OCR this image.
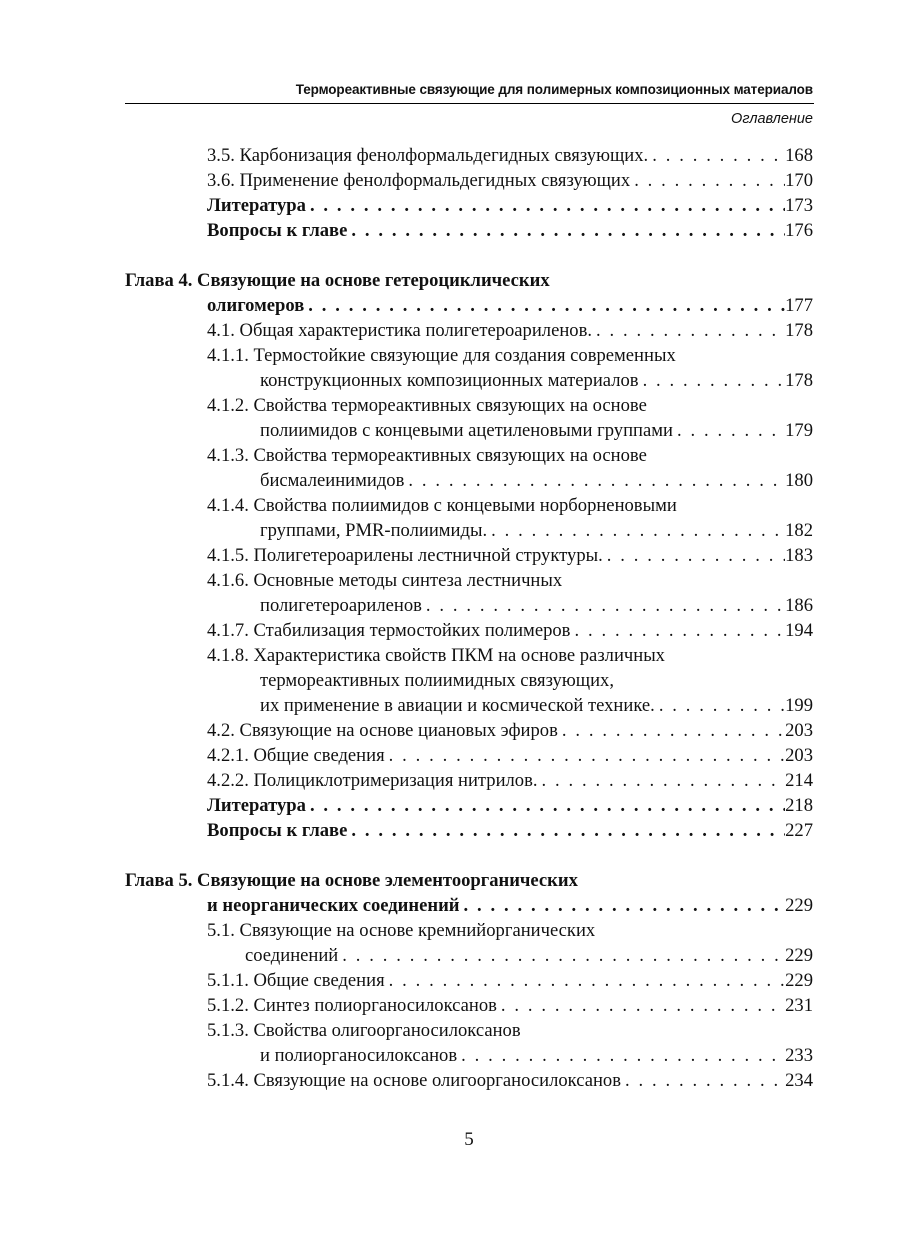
Термореактивные связующие для полимерных композиционных материалов
Оглавление
3.5. Карбонизация фенолформальдегидных связующих. . . .	168
3.6. Применение фенолформальдегидных связующих . . .	170
Литература . . .	173
Вопросы к главе . . .	176
Глава 4. Связующие на основе гетероциклических
олигомеров . . .	177
4.1. Общая характеристика полигетероариленов. . . .	178
4.1.1. Термостойкие связующие для создания современных
конструкционных композиционных материалов . . .	178
4.1.2. Свойства термореактивных связующих на основе
полиимидов с концевыми ацетиленовыми группами . . .	179
4.1.3. Свойства термореактивных связующих на основе
бисмалеинимидов . . .	180
4.1.4. Свойства полиимидов с концевыми норборненовыми
группами, PMR-полиимиды. . . .	182
4.1.5. Полигетероарилены лестничной структуры. . . .	183
4.1.6. Основные методы синтеза лестничных
полигетероариленов . . .	186
4.1.7. Стабилизация термостойких полимеров . . .	194
4.1.8. Характеристика свойств ПКМ на основе различных
термореактивных полиимидных связующих,
их применение в авиации и космической технике. . . .	199
4.2. Связующие на основе циановых эфиров . . .	203
4.2.1. Общие сведения . . .	203
4.2.2. Полициклотримеризация нитрилов. . . .	214
Литература . . .	218
Вопросы к главе . . .	227
Глава 5. Связующие на основе элементоорганических
и неорганических соединений . . .	229
5.1. Связующие на основе кремнийорганических
соединений . . .	229
5.1.1. Общие сведения . . .	229
5.1.2. Синтез полиорганосилоксанов . . .	231
5.1.3. Свойства олигоорганосилоксанов
и полиорганосилоксанов . . .	233
5.1.4. Связующие на основе олигоорганосилоксанов . . .	234
5
